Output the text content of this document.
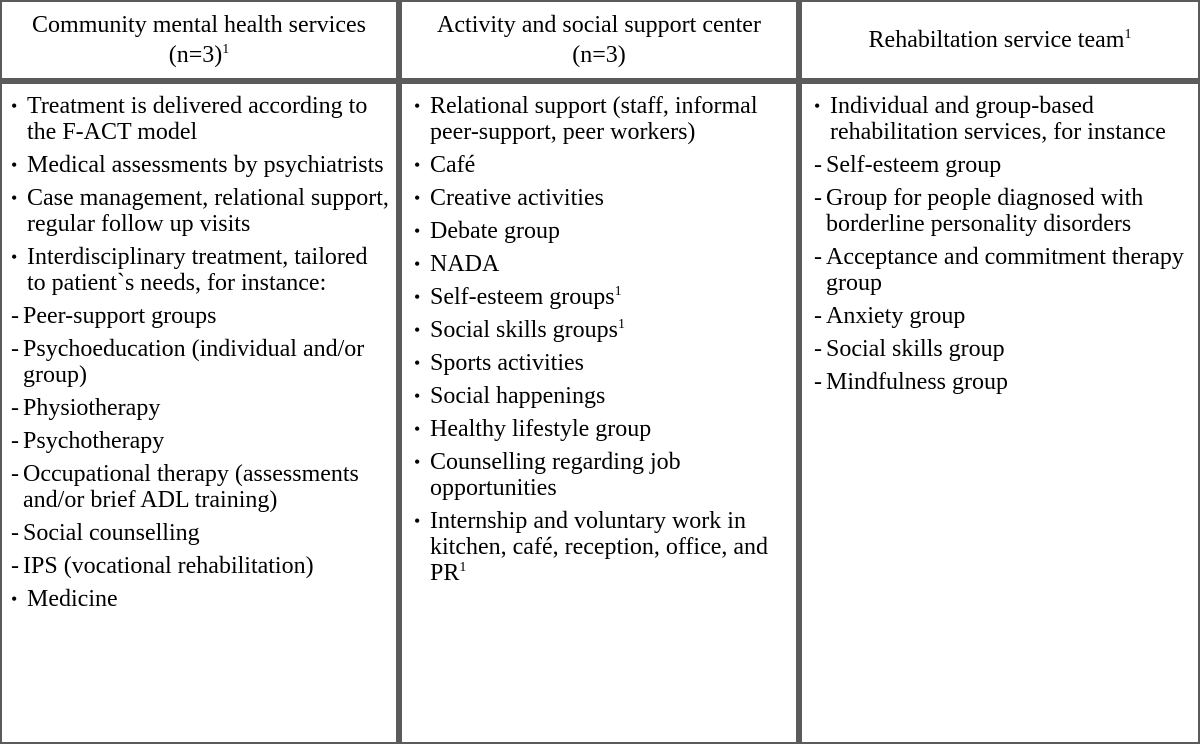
Community mental health services (n=3)$^1$
Activity and social support center (n=3)
Rehabiltation service team$^1$
• Treatment is delivered according to the F-ACT model
• Medical assessments by psychiatrists
• Case management, relational support, regular follow up visits
• Interdisciplinary treatment, tailored to patient`s needs, for instance:
- Peer-support groups
- Psychoeducation (individual and/or group)
- Physiotherapy
- Psychotherapy
- Occupational therapy (assessments and/or brief ADL training)
- Social counselling
- IPS (vocational rehabilitation)
• Medicine
• Relational support (staff, informal peer-support, peer workers)
• Café
• Creative activities
• Debate group
• NADA
• Self-esteem groups$^1$
• Social skills groups$^1$
• Sports activities
• Social happenings
• Healthy lifestyle group
• Counselling regarding job opportunities
• Internship and voluntary work in kitchen, café, reception, office, and $PR^1$
• Individual and group-based rehabilitation services, for instance
- Self-esteem group
- Group for people diagnosed with borderline personality disorders
- Acceptance and commitment therapy group
- Anxiety group
- Social skills group
- Mindfulness group
